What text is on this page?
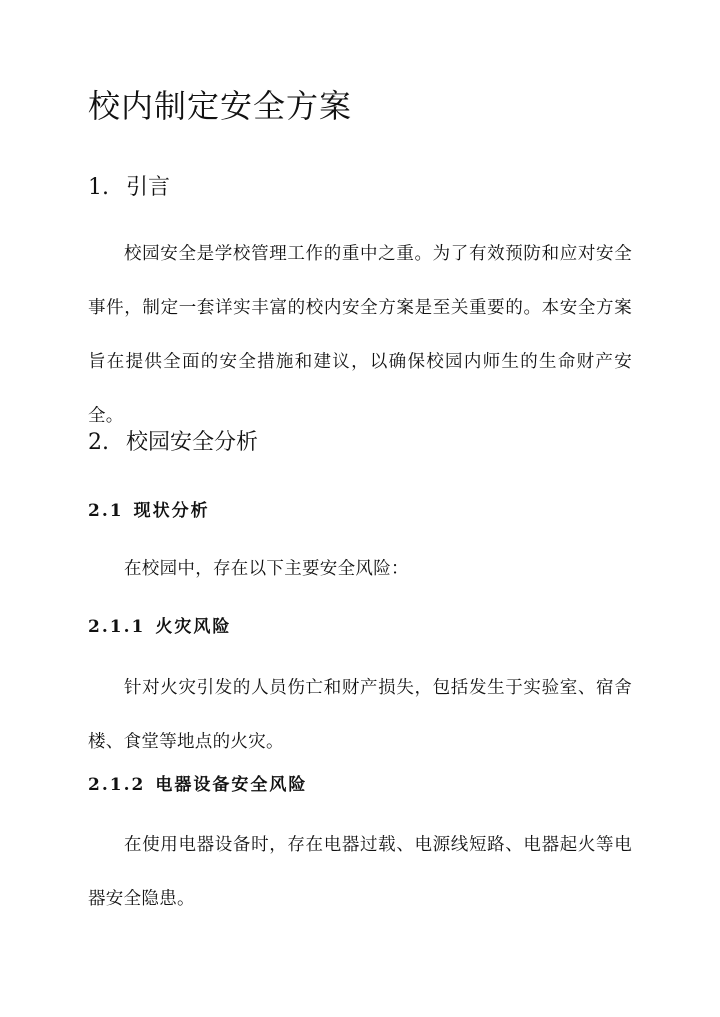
校内制定安全方案
1. 引言

校园安全是学校管理工作的重中之重。为了有效预防和应对安全事件，制定一套详实丰富的校内安全方案是至关重要的。本安全方案旨在提供全面的安全措施和建议，以确保校园内师生的生命财产安全。

2. 校园安全分析
2.1 现状分析

在校园中，存在以下主要安全风险：

2.1.1 火灾风险

针对火灾引发的人员伤亡和财产损失，包括发生于实验室、宿舍楼、食堂等地点的火灾。

2.1.2 电器设备安全风险

在使用电器设备时，存在电器过载、电源线短路、电器起火等电器安全隐患。
